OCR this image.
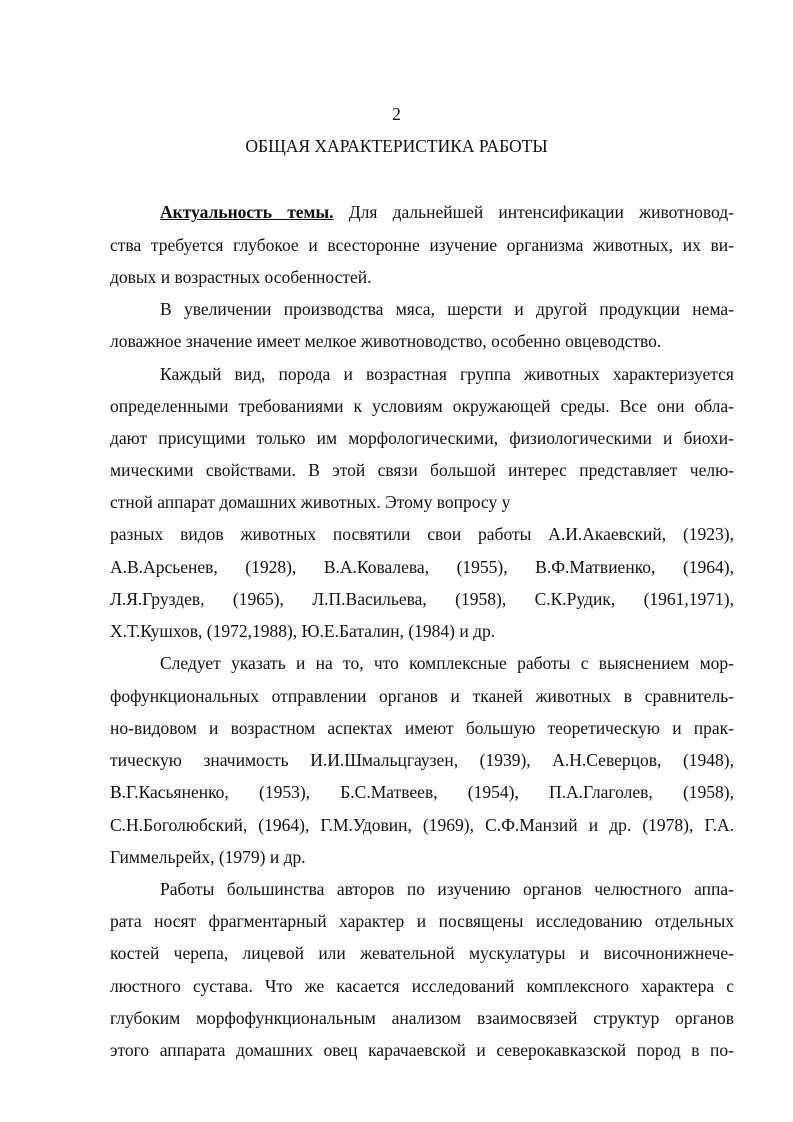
2
ОБЩАЯ ХАРАКТЕРИСТИКА РАБОТЫ
Актуальность темы. Для дальнейшей интенсификации животновод-
ства требуется глубокое и всесторонне изучение организма животных, их ви-
довых и возрастных особенностей.
В увеличении производства мяса, шерсти и другой продукции нема-
ловажное значение имеет мелкое животноводство, особенно овцеводство.
Каждый вид, порода и возрастная группа животных характеризуется
определенными требованиями к условиям окружающей среды. Все они обла-
дают присущими только им морфологическими, физиологическими и биохи-
мическими свойствами. В этой связи большой интерес представляет челю-
стной аппарат домашних животных. Этому вопросу у
разных видов животных посвятили свои работы А.И.Акаевский, (1923),
А.В.Арсьенев, (1928), В.А.Ковалева, (1955), В.Ф.Матвиенко, (1964),
Л.Я.Груздев, (1965), Л.П.Васильева, (1958), С.К.Рудик, (1961,1971),
Х.Т.Кушхов, (1972,1988), Ю.Е.Баталин, (1984) и др.
Следует указать и на то, что комплексные работы с выяснением мор-
фофункциональных отправлении органов и тканей животных в сравнитель-
но-видовом и возрастном аспектах имеют большую теоретическую и прак-
тическую значимость И.И.Шмальцгаузен, (1939), А.Н.Северцов, (1948),
В.Г.Касьяненко, (1953), Б.С.Матвеев, (1954), П.А.Глаголев, (1958),
С.Н.Боголюбский, (1964), Г.М.Удовин, (1969), С.Ф.Манзий и др. (1978), Г.А.
Гиммельрейх, (1979) и др.
Работы большинства авторов по изучению органов челюстного аппа-
рата носят фрагментарный характер и посвящены исследованию отдельных
костей черепа, лицевой или жевательной мускулатуры и височнонижнече-
люстного сустава. Что же касается исследований комплексного характера с
глубоким морфофункциональным анализом взаимосвязей структур органов
этого аппарата домашних овец карачаевской и северокавказской пород в по-
